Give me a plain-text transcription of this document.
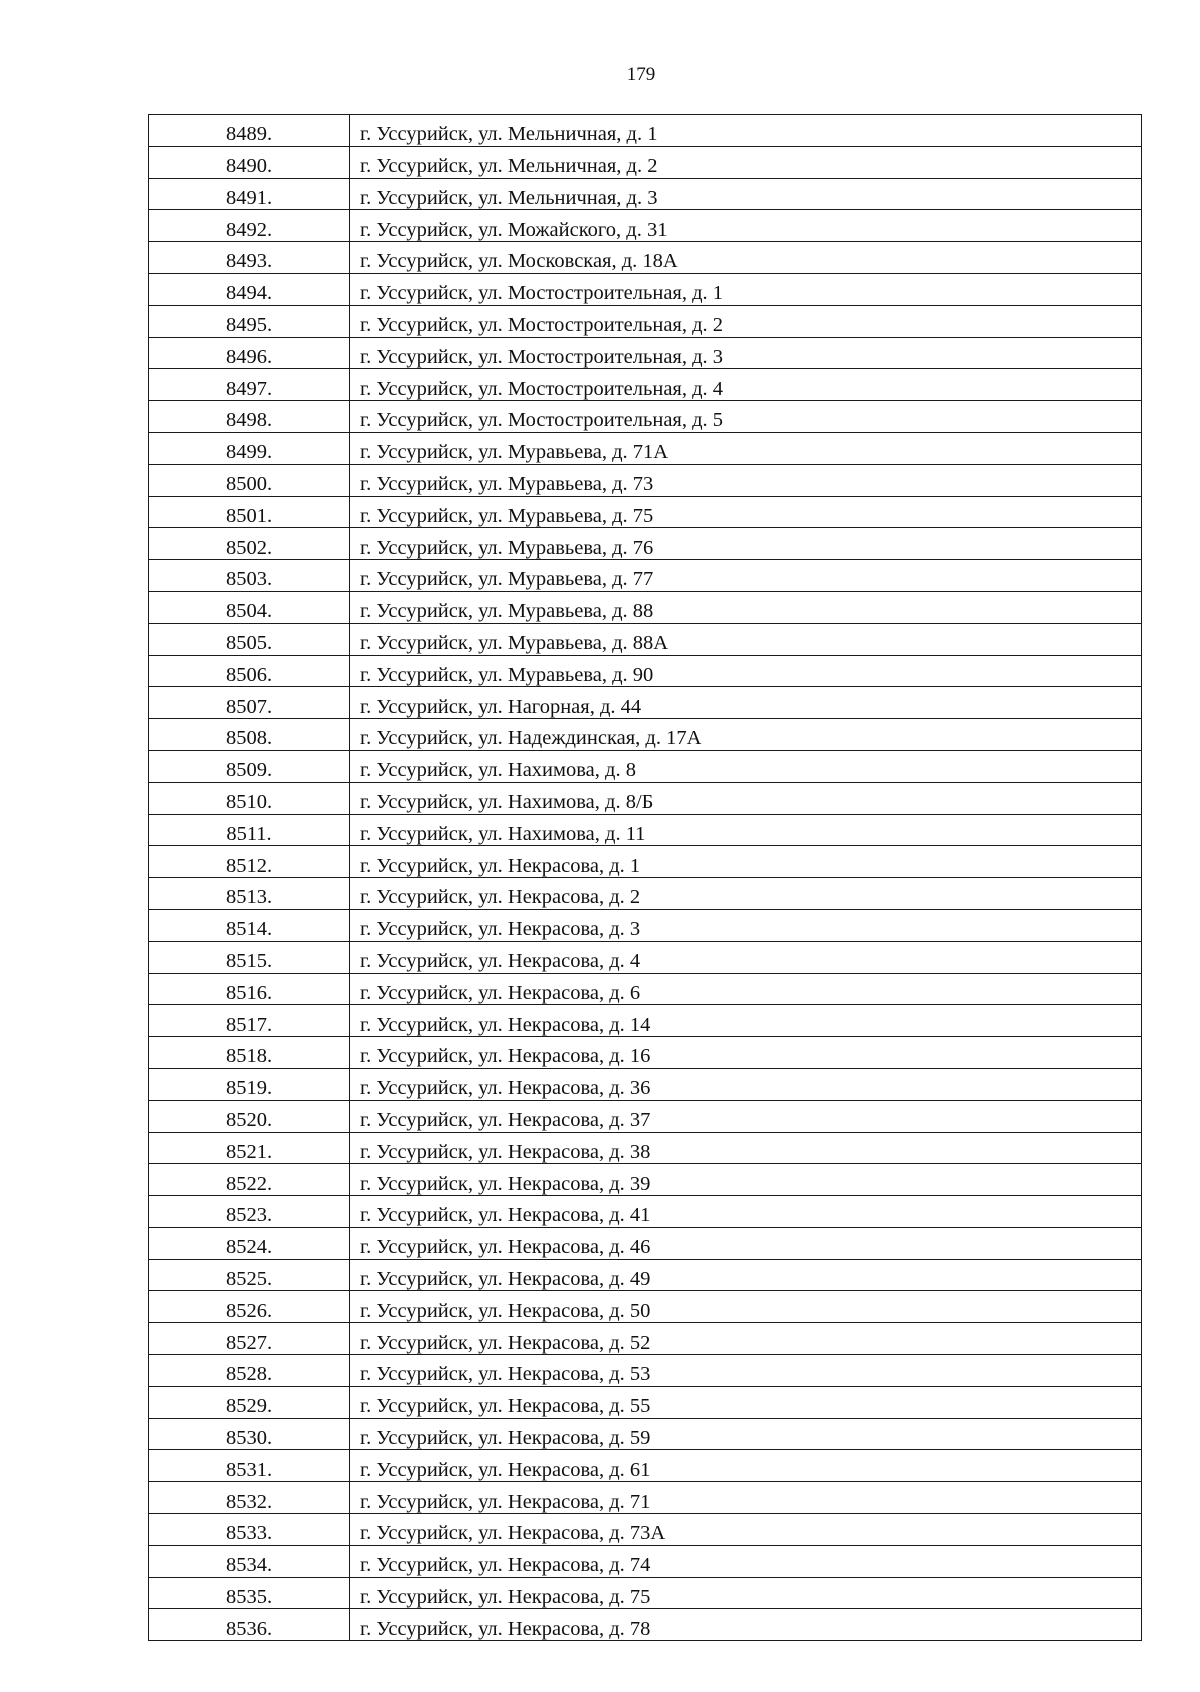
179
8489.	г. Уссурийск, ул. Мельничная, д. 1
8490.	г. Уссурийск, ул. Мельничная, д. 2
8491.	г. Уссурийск, ул. Мельничная, д. 3
8492.	г. Уссурийск, ул. Можайского, д. 31
8493.	г. Уссурийск, ул. Московская, д. 18А
8494.	г. Уссурийск, ул. Мостостроительная, д. 1
8495.	г. Уссурийск, ул. Мостостроительная, д. 2
8496.	г. Уссурийск, ул. Мостостроительная, д. 3
8497.	г. Уссурийск, ул. Мостостроительная, д. 4
8498.	г. Уссурийск, ул. Мостостроительная, д. 5
8499.	г. Уссурийск, ул. Муравьева, д. 71А
8500.	г. Уссурийск, ул. Муравьева, д. 73
8501.	г. Уссурийск, ул. Муравьева, д. 75
8502.	г. Уссурийск, ул. Муравьева, д. 76
8503.	г. Уссурийск, ул. Муравьева, д. 77
8504.	г. Уссурийск, ул. Муравьева, д. 88
8505.	г. Уссурийск, ул. Муравьева, д. 88А
8506.	г. Уссурийск, ул. Муравьева, д. 90
8507.	г. Уссурийск, ул. Нагорная, д. 44
8508.	г. Уссурийск, ул. Надеждинская, д. 17А
8509.	г. Уссурийск, ул. Нахимова, д. 8
8510.	г. Уссурийск, ул. Нахимова, д. 8/Б
8511.	г. Уссурийск, ул. Нахимова, д. 11
8512.	г. Уссурийск, ул. Некрасова, д. 1
8513.	г. Уссурийск, ул. Некрасова, д. 2
8514.	г. Уссурийск, ул. Некрасова, д. 3
8515.	г. Уссурийск, ул. Некрасова, д. 4
8516.	г. Уссурийск, ул. Некрасова, д. 6
8517.	г. Уссурийск, ул. Некрасова, д. 14
8518.	г. Уссурийск, ул. Некрасова, д. 16
8519.	г. Уссурийск, ул. Некрасова, д. 36
8520.	г. Уссурийск, ул. Некрасова, д. 37
8521.	г. Уссурийск, ул. Некрасова, д. 38
8522.	г. Уссурийск, ул. Некрасова, д. 39
8523.	г. Уссурийск, ул. Некрасова, д. 41
8524.	г. Уссурийск, ул. Некрасова, д. 46
8525.	г. Уссурийск, ул. Некрасова, д. 49
8526.	г. Уссурийск, ул. Некрасова, д. 50
8527.	г. Уссурийск, ул. Некрасова, д. 52
8528.	г. Уссурийск, ул. Некрасова, д. 53
8529.	г. Уссурийск, ул. Некрасова, д. 55
8530.	г. Уссурийск, ул. Некрасова, д. 59
8531.	г. Уссурийск, ул. Некрасова, д. 61
8532.	г. Уссурийск, ул. Некрасова, д. 71
8533.	г. Уссурийск, ул. Некрасова, д. 73А
8534.	г. Уссурийск, ул. Некрасова, д. 74
8535.	г. Уссурийск, ул. Некрасова, д. 75
8536.	г. Уссурийск, ул. Некрасова, д. 78
